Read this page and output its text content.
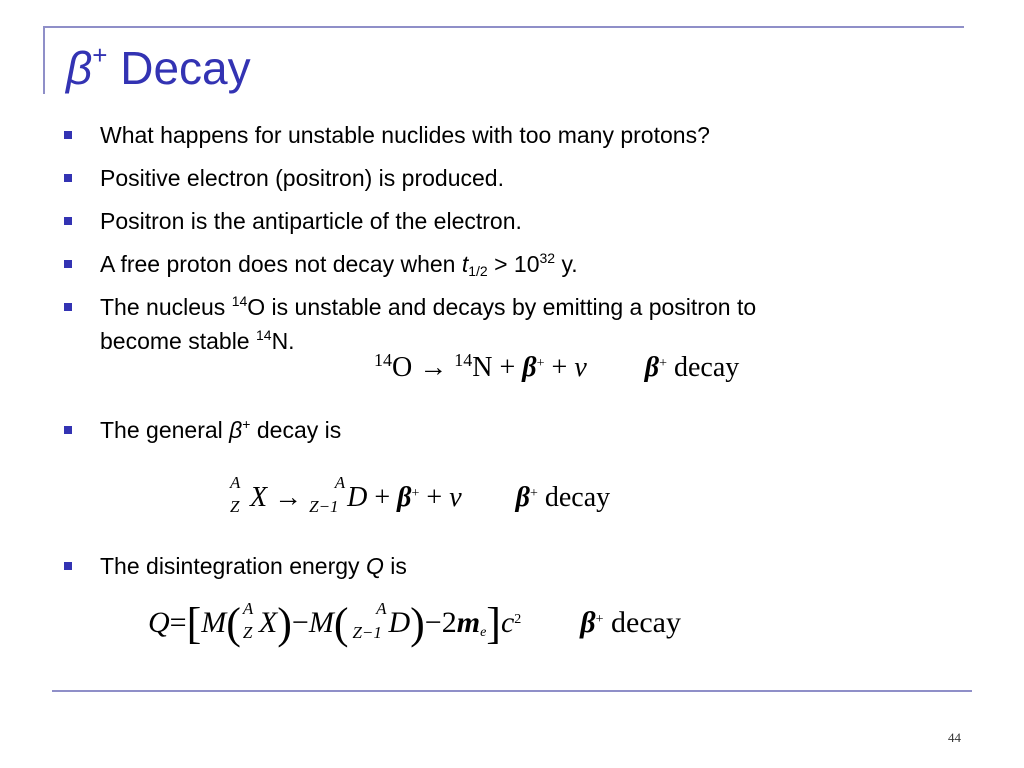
β+ Decay
What happens for unstable nuclides with too many protons?
Positive electron (positron) is produced.
Positron is the antiparticle of the electron.
A free proton does not decay when $t_{1/2} > 10^{32}$ y.
The nucleus $^{14}$O is unstable and decays by emitting a positron to
become stable $^{14}$N.
$^{14}$O → $^{14}$N + β+ + ν β+ decay
The general β+ decay is
A
Z X → A
Z−1 D + β+ + ν β+ decay
The disintegration energy Q is
Q=[M( A
Z X)−M( A
Z−1 $D)-2m_e]c^2$ β+ decay
44
